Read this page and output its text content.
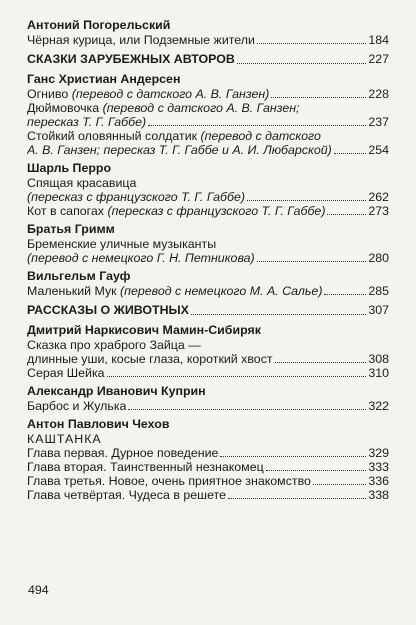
Антоний Погорельский
Чёрная курица, или Подземные жители	184
СКАЗКИ ЗАРУБЕЖНЫХ АВТОРОВ	227
Ганс Христиан Андерсен
Огниво (перевод с датского А. В. Ганзен)	228
Дюймовочка (перевод с датского А. В. Ганзен;
пересказ Т. Г. Габбе)	237
Стойкий оловянный солдатик (перевод с датского
А. В. Ганзен; пересказ Т. Г. Габбе и А. И. Любарской)	254
Шарль Перро
Спящая красавица
(пересказ с французского Т. Г. Габбе)	262
Кот в сапогах (пересказ с французского Т. Г. Габбе)	273
Братья Гримм
Бременские уличные музыканты
(перевод с немецкого Г. Н. Петникова)	280
Вильгельм Гауф
Маленький Мук (перевод с немецкого М. А. Салье)	285
РАССКАЗЫ О ЖИВОТНЫХ	307
Дмитрий Наркисович Мамин-Сибиряк
Сказка про храброго Зайца —
длинные уши, косые глаза, короткий хвост	308
Серая Шейка	310
Александр Иванович Куприн
Барбос и Жулька	322
Антон Павлович Чехов
КАШТАНКА
Глава первая. Дурное поведение	329
Глава вторая. Таинственный незнакомец	333
Глава третья. Новое, очень приятное знакомство	336
Глава четвёртая. Чудеса в решете	338
494
